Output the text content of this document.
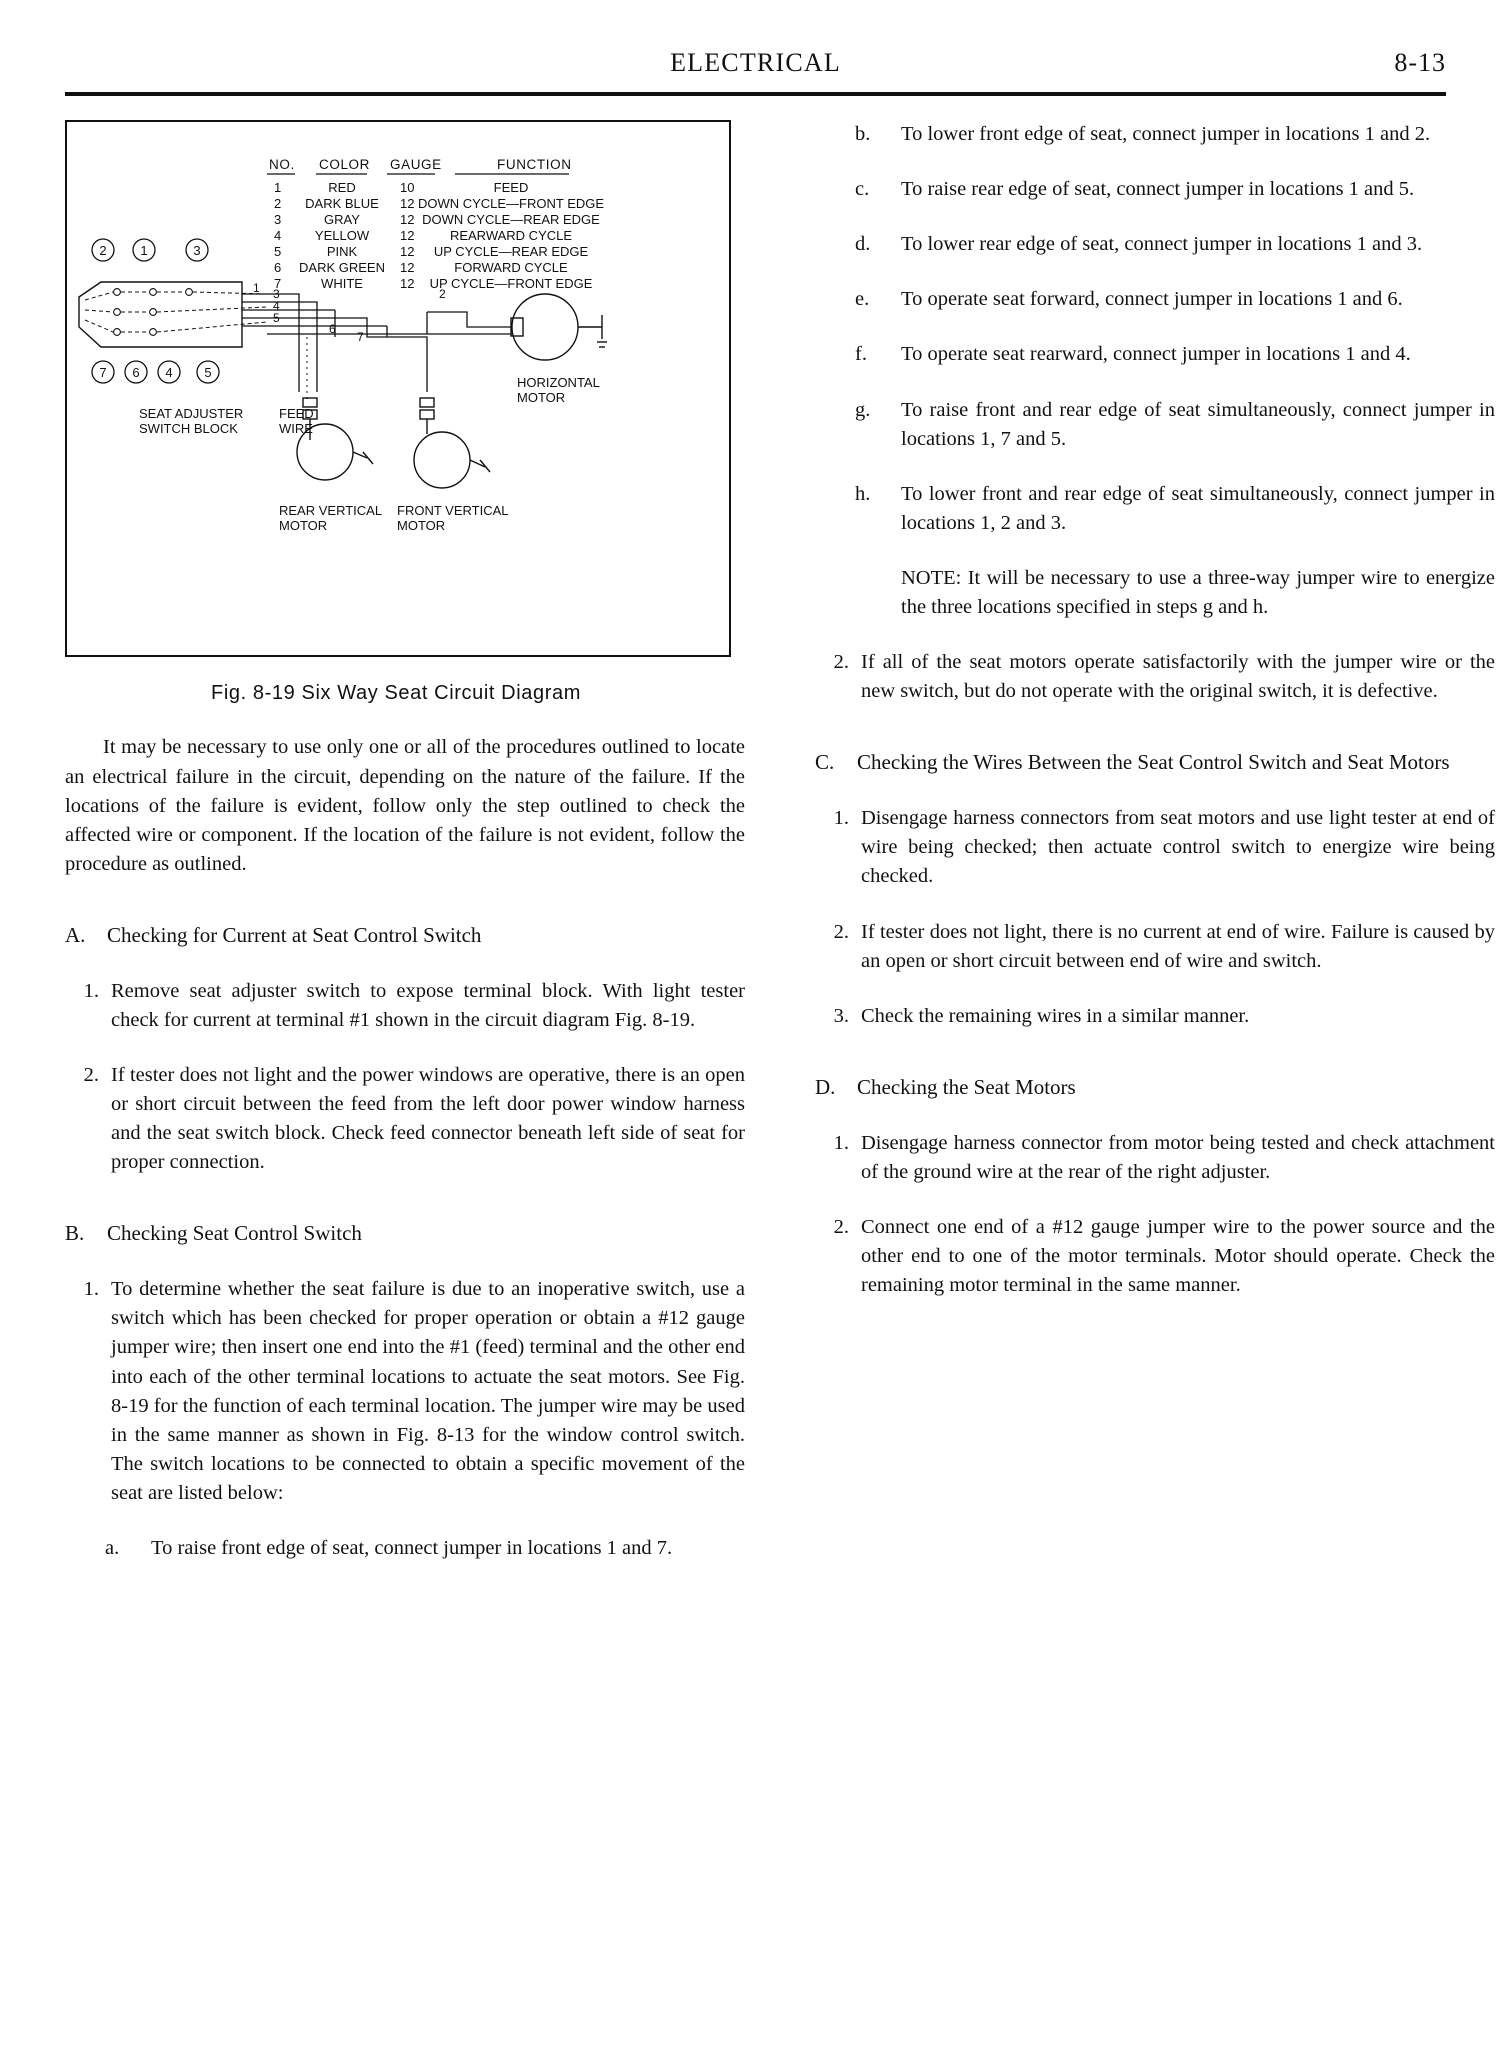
ELECTRICAL	8-13
NO. COLOR GAUGE	FUNCTION
1	RED	10	FEED
2 DARK BLUE 12 DOWN CYCLE—FRONT EDGE
3	GRAY	12 DOWN CYCLE—REAR EDGE
4	YELLOW 12	REARWARD CYCLE
5	PINK	12 UP CYCLE—REAR EDGE
6 DARK GREEN 12	FORWARD CYCLE
7	WHITE	12 UP CYCLE—FRONT EDGE
2	1	3
7 6 4 5
1 3
4
5
6
7
2
HORIZONTAL
MOTOR
SEAT ADJUSTER
SWITCH BLOCK
FEED
WIRE
REAR VERTICAL
MOTOR
FRONT VERTICAL
MOTOR
Fig. 8-19 Six Way Seat Circuit Diagram
It may be necessary to use only one or all of the procedures outlined to locate an electrical failure in the circuit, depending on the nature of the failure. If the locations of the failure is evident, follow only the step outlined to check the affected wire or component. If the location of the failure is not evident, follow the procedure as outlined.
A. Checking for Current at Seat Control Switch
1. Remove seat adjuster switch to expose terminal block. With light tester check for current at terminal #1 shown in the circuit diagram Fig. 8-19.
2. If tester does not light and the power windows are operative, there is an open or short circuit between the feed from the left door power window harness and the seat switch block. Check feed connector beneath left side of seat for proper connection.
B. Checking Seat Control Switch
1. To determine whether the seat failure is due to an inoperative switch, use a switch which has been checked for proper operation or obtain a #12 gauge jumper wire; then insert one end into the #1 (feed) terminal and the other end into each of the other terminal locations to actuate the seat motors. See Fig. 8-19 for the function of each terminal location. The jumper wire may be used in the same manner as shown in Fig. 8-13 for the window control switch. The switch locations to be connected to obtain a specific movement of the seat are listed below:
a.	To raise front edge of seat, connect jumper in locations 1 and 7.
b.	To lower front edge of seat, connect jumper in locations 1 and 2.
c.	To raise rear edge of seat, connect jumper in locations 1 and 5.
d.	To lower rear edge of seat, connect jumper in locations 1 and 3.
e.	To operate seat forward, connect jumper in locations 1 and 6.
f.	To operate seat rearward, connect jumper in locations 1 and 4.
g.	To raise front and rear edge of seat simultaneously, connect jumper in locations 1, 7 and 5.
h.	To lower front and rear edge of seat simultaneously, connect jumper in locations 1, 2 and 3.
NOTE: It will be necessary to use a three-way jumper wire to energize the three locations specified in steps g and h.
2. If all of the seat motors operate satisfactorily with the jumper wire or the new switch, but do not operate with the original switch, it is defective.
C. Checking the Wires Between the Seat Control Switch and Seat Motors
1. Disengage harness connectors from seat motors and use light tester at end of wire being checked; then actuate control switch to energize wire being checked.
2. If tester does not light, there is no current at end of wire. Failure is caused by an open or short circuit between end of wire and switch.
3. Check the remaining wires in a similar manner.
D. Checking the Seat Motors
1. Disengage harness connector from motor being tested and check attachment of the ground wire at the rear of the right adjuster.
2. Connect one end of a #12 gauge jumper wire to the power source and the other end to one of the motor terminals. Motor should operate. Check the remaining motor terminal in the same manner.
